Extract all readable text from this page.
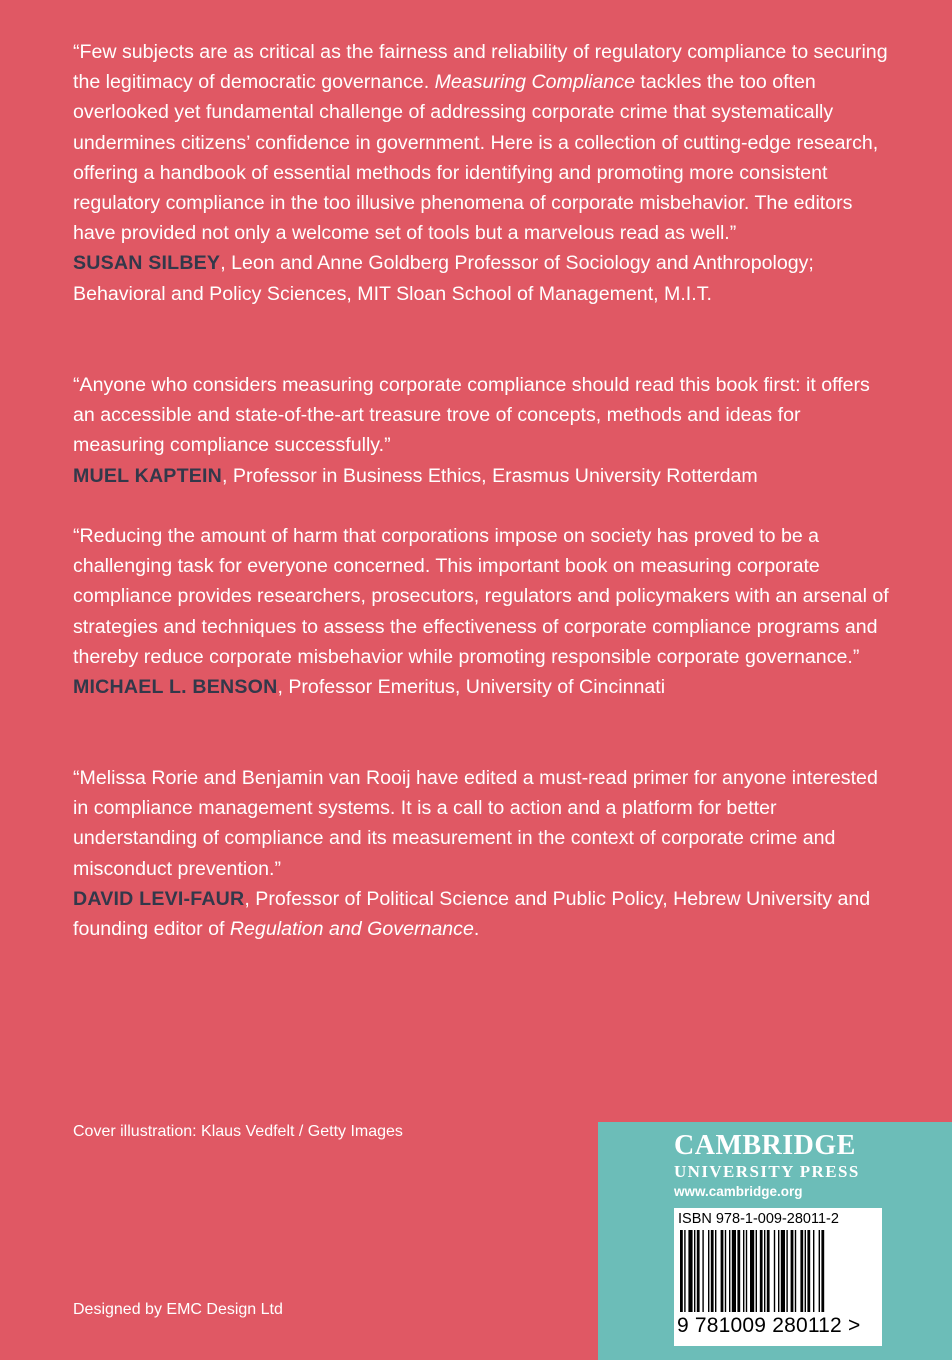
“Few subjects are as critical as the fairness and reliability of regulatory compliance to securing the legitimacy of democratic governance. Measuring Compliance tackles the too often overlooked yet fundamental challenge of addressing corporate crime that systematically undermines citizens’ confidence in government. Here is a collection of cutting-edge research, offering a handbook of essential methods for identifying and promoting more consistent regulatory compliance in the too illusive phenomena of corporate misbehavior. The editors have provided not only a welcome set of tools but a marvelous read as well.”

SUSAN SILBEY, Leon and Anne Goldberg Professor of Sociology and Anthropology; Behavioral and Policy Sciences, MIT Sloan School of Management, M.I.T.

“Anyone who considers measuring corporate compliance should read this book first: it offers an accessible and state-of-the-art treasure trove of concepts, methods and ideas for measuring compliance successfully.”

MUEL KAPTEIN, Professor in Business Ethics, Erasmus University Rotterdam

“Reducing the amount of harm that corporations impose on society has proved to be a challenging task for everyone concerned. This important book on measuring corporate compliance provides researchers, prosecutors, regulators and policymakers with an arsenal of strategies and techniques to assess the effectiveness of corporate compliance programs and thereby reduce corporate misbehavior while promoting responsible corporate governance.”

MICHAEL L. BENSON, Professor Emeritus, University of Cincinnati

“Melissa Rorie and Benjamin van Rooij have edited a must-read primer for anyone interested in compliance management systems. It is a call to action and a platform for better understanding of compliance and its measurement in the context of corporate crime and misconduct prevention.”

DAVID LEVI-FAUR, Professor of Political Science and Public Policy, Hebrew University and founding editor of Regulation and Governance.

Cover illustration: Klaus Vedfelt / Getty Images
Designed by EMC Design Ltd
CAMBRIDGE
UNIVERSITY PRESS
www.cambridge.org
ISBN 978-1-009-28011-2
9 781009 280112 >
